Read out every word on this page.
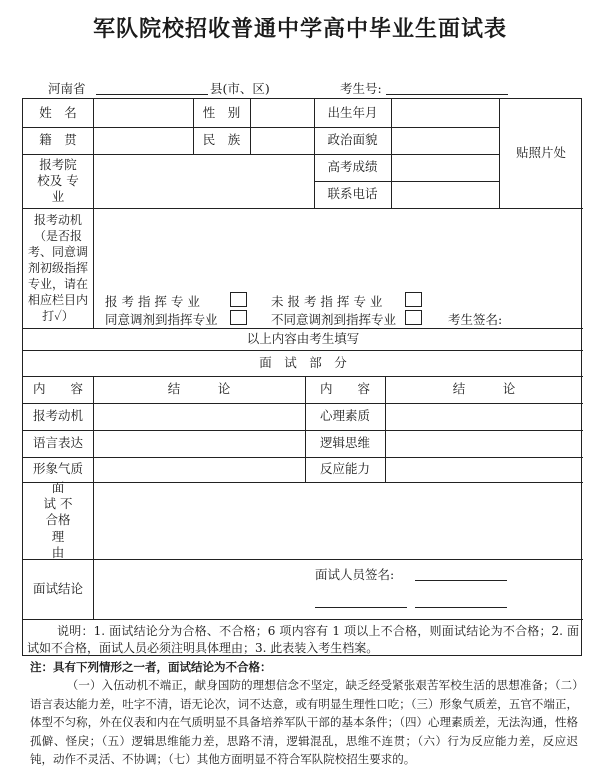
军队院校招收普通中学高中毕业生面试表
河南省	县(市、区)	考生号:
姓　名	性　别	出生年月
贴照片处
籍　贯	民　族	政治面貌
报考院校及 专 业
高考成绩
联系电话
报考动机（是否报考、同意调剂初级指挥专业，请在相应栏目内打✓）
报 考 指 挥 专 业	未 报 考 指 挥 专 业
同意调剂到指挥专业	不同意调剂到指挥专业	考生签名:
以上内容由考生填写
面　试　部　分
内　　容	结　　　论	内　　容	结　　　论
报考动机	心理素质
语言表达	逻辑思维
形象气质	反应能力
面　试 不合格 理　由
面试结论
面试人员签名:
说明：1. 面试结论分为合格、不合格；6 项内容有 1 项以上不合格，则面试结论为不合格；2. 面试如不合格，面试人员必须注明具体理由；3. 此表装入考生档案。
注：具有下列情形之一者，面试结论为不合格：
（一）入伍动机不端正，献身国防的理想信念不坚定，缺乏经受紧张艰苦军校生活的思想准备；（二）语言表达能力差，吐字不清，语无论次，词不达意，或有明显生理性口吃；（三）形象气质差，五官不端正，体型不匀称，外在仪表和内在气质明显不具备培养军队干部的基本条件；（四）心理素质差，无法沟通，性格孤僻、怪戾；（五）逻辑思维能力差，思路不清，逻辑混乱，思维不连贯；（六）行为反应能力差，反应迟钝，动作不灵活、不协调；（七）其他方面明显不符合军队院校招生要求的。
